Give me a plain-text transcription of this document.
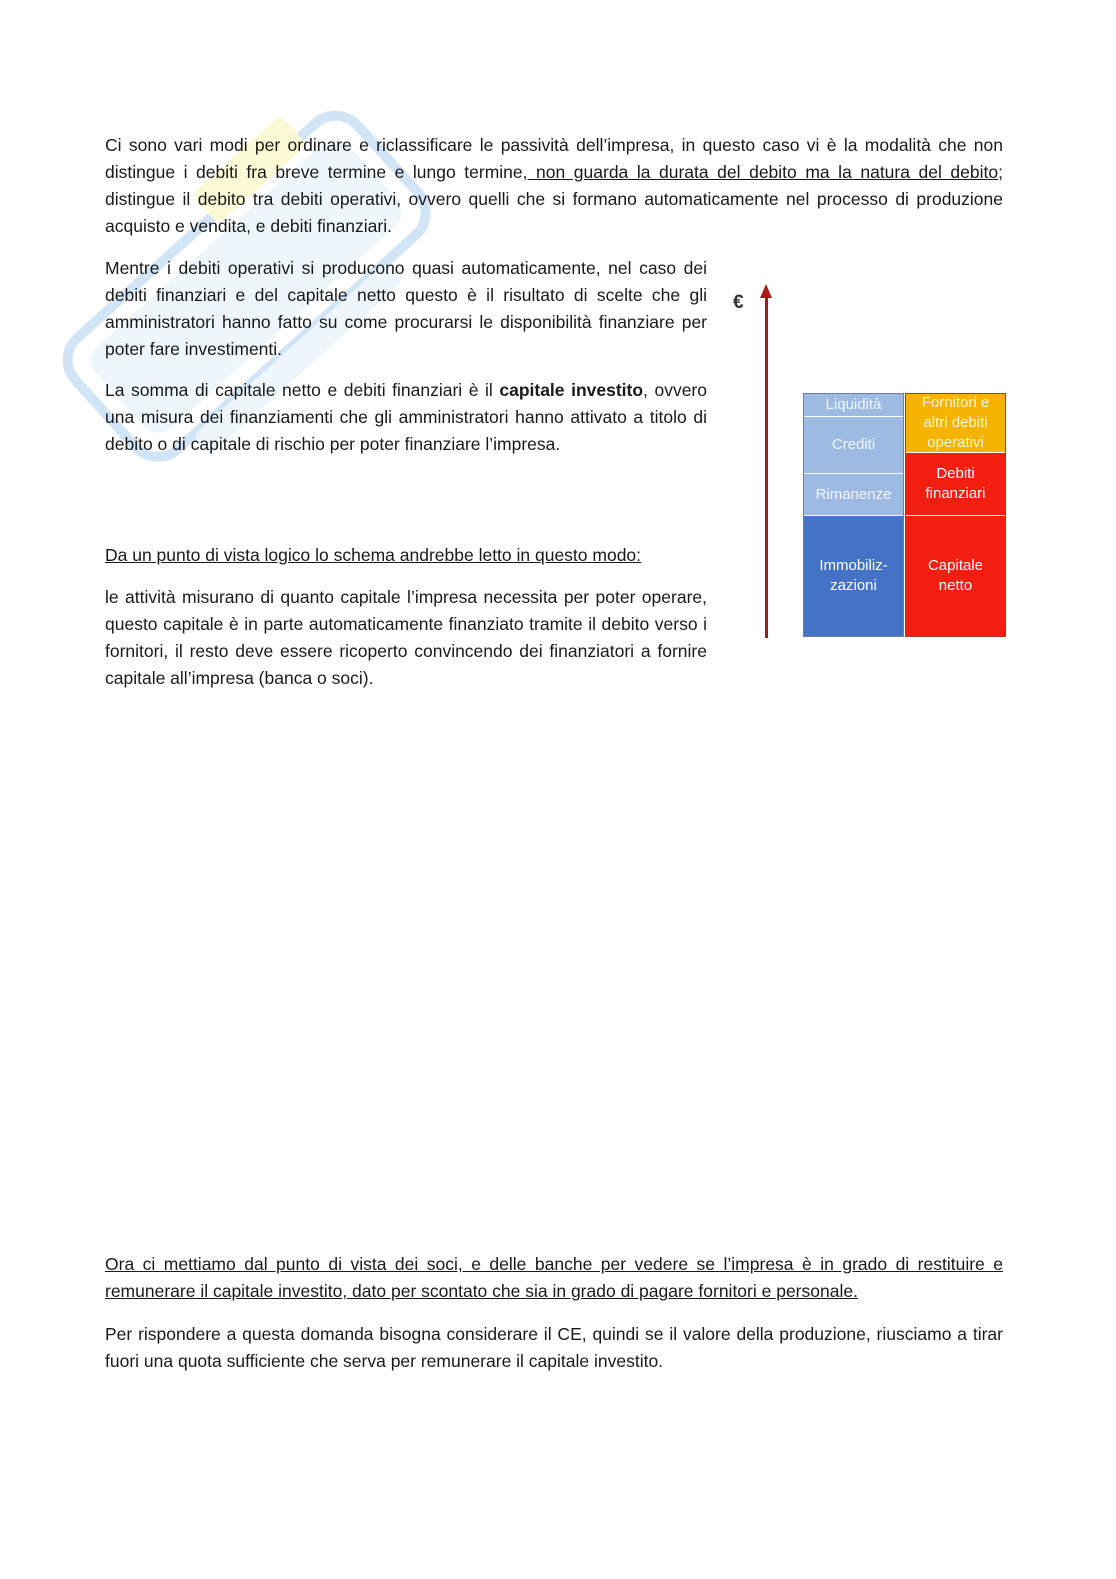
Ci sono vari modi per ordinare e riclassificare le passività dell’impresa, in questo caso vi è la modalità che non distingue i debiti fra breve termine e lungo termine, non guarda la durata del debito ma la natura del debito; distingue il debito tra debiti operativi, ovvero quelli che si formano automaticamente nel processo di produzione acquisto e vendita, e debiti finanziari.

Mentre i debiti operativi si producono quasi automaticamente, nel caso dei debiti finanziari e del capitale netto questo è il risultato di scelte che gli amministratori hanno fatto su come procurarsi le disponibilità finanziare per poter fare investimenti.

La somma di capitale netto e debiti finanziari è il capitale investito, ovvero una misura dei finanziamenti che gli amministratori hanno attivato a titolo di debito o di capitale di rischio per poter finanziare l’impresa.

Da un punto di vista logico lo schema andrebbe letto in questo modo:

le attività misurano di quanto capitale l’impresa necessita per poter operare, questo capitale è in parte automaticamente finanziato tramite il debito verso i fornitori, il resto deve essere ricoperto convincendo dei finanziatori a fornire capitale all’impresa (banca o soci).

Ora ci mettiamo dal punto di vista dei soci, e delle banche per vedere se l’impresa è in grado di restituire e remunerare il capitale investito, dato per scontato che sia in grado di pagare fornitori e personale.

Per rispondere a questa domanda bisogna considerare il CE, quindi se il valore della produzione, riusciamo a tirar fuori una quota sufficiente che serva per remunerare il capitale investito.

€
Liquidità
Crediti
Rimanenze
Immobiliz-
zazioni
Fornitori e
altri debiti
operativi
Debiti
finanziari
Capitale
netto
